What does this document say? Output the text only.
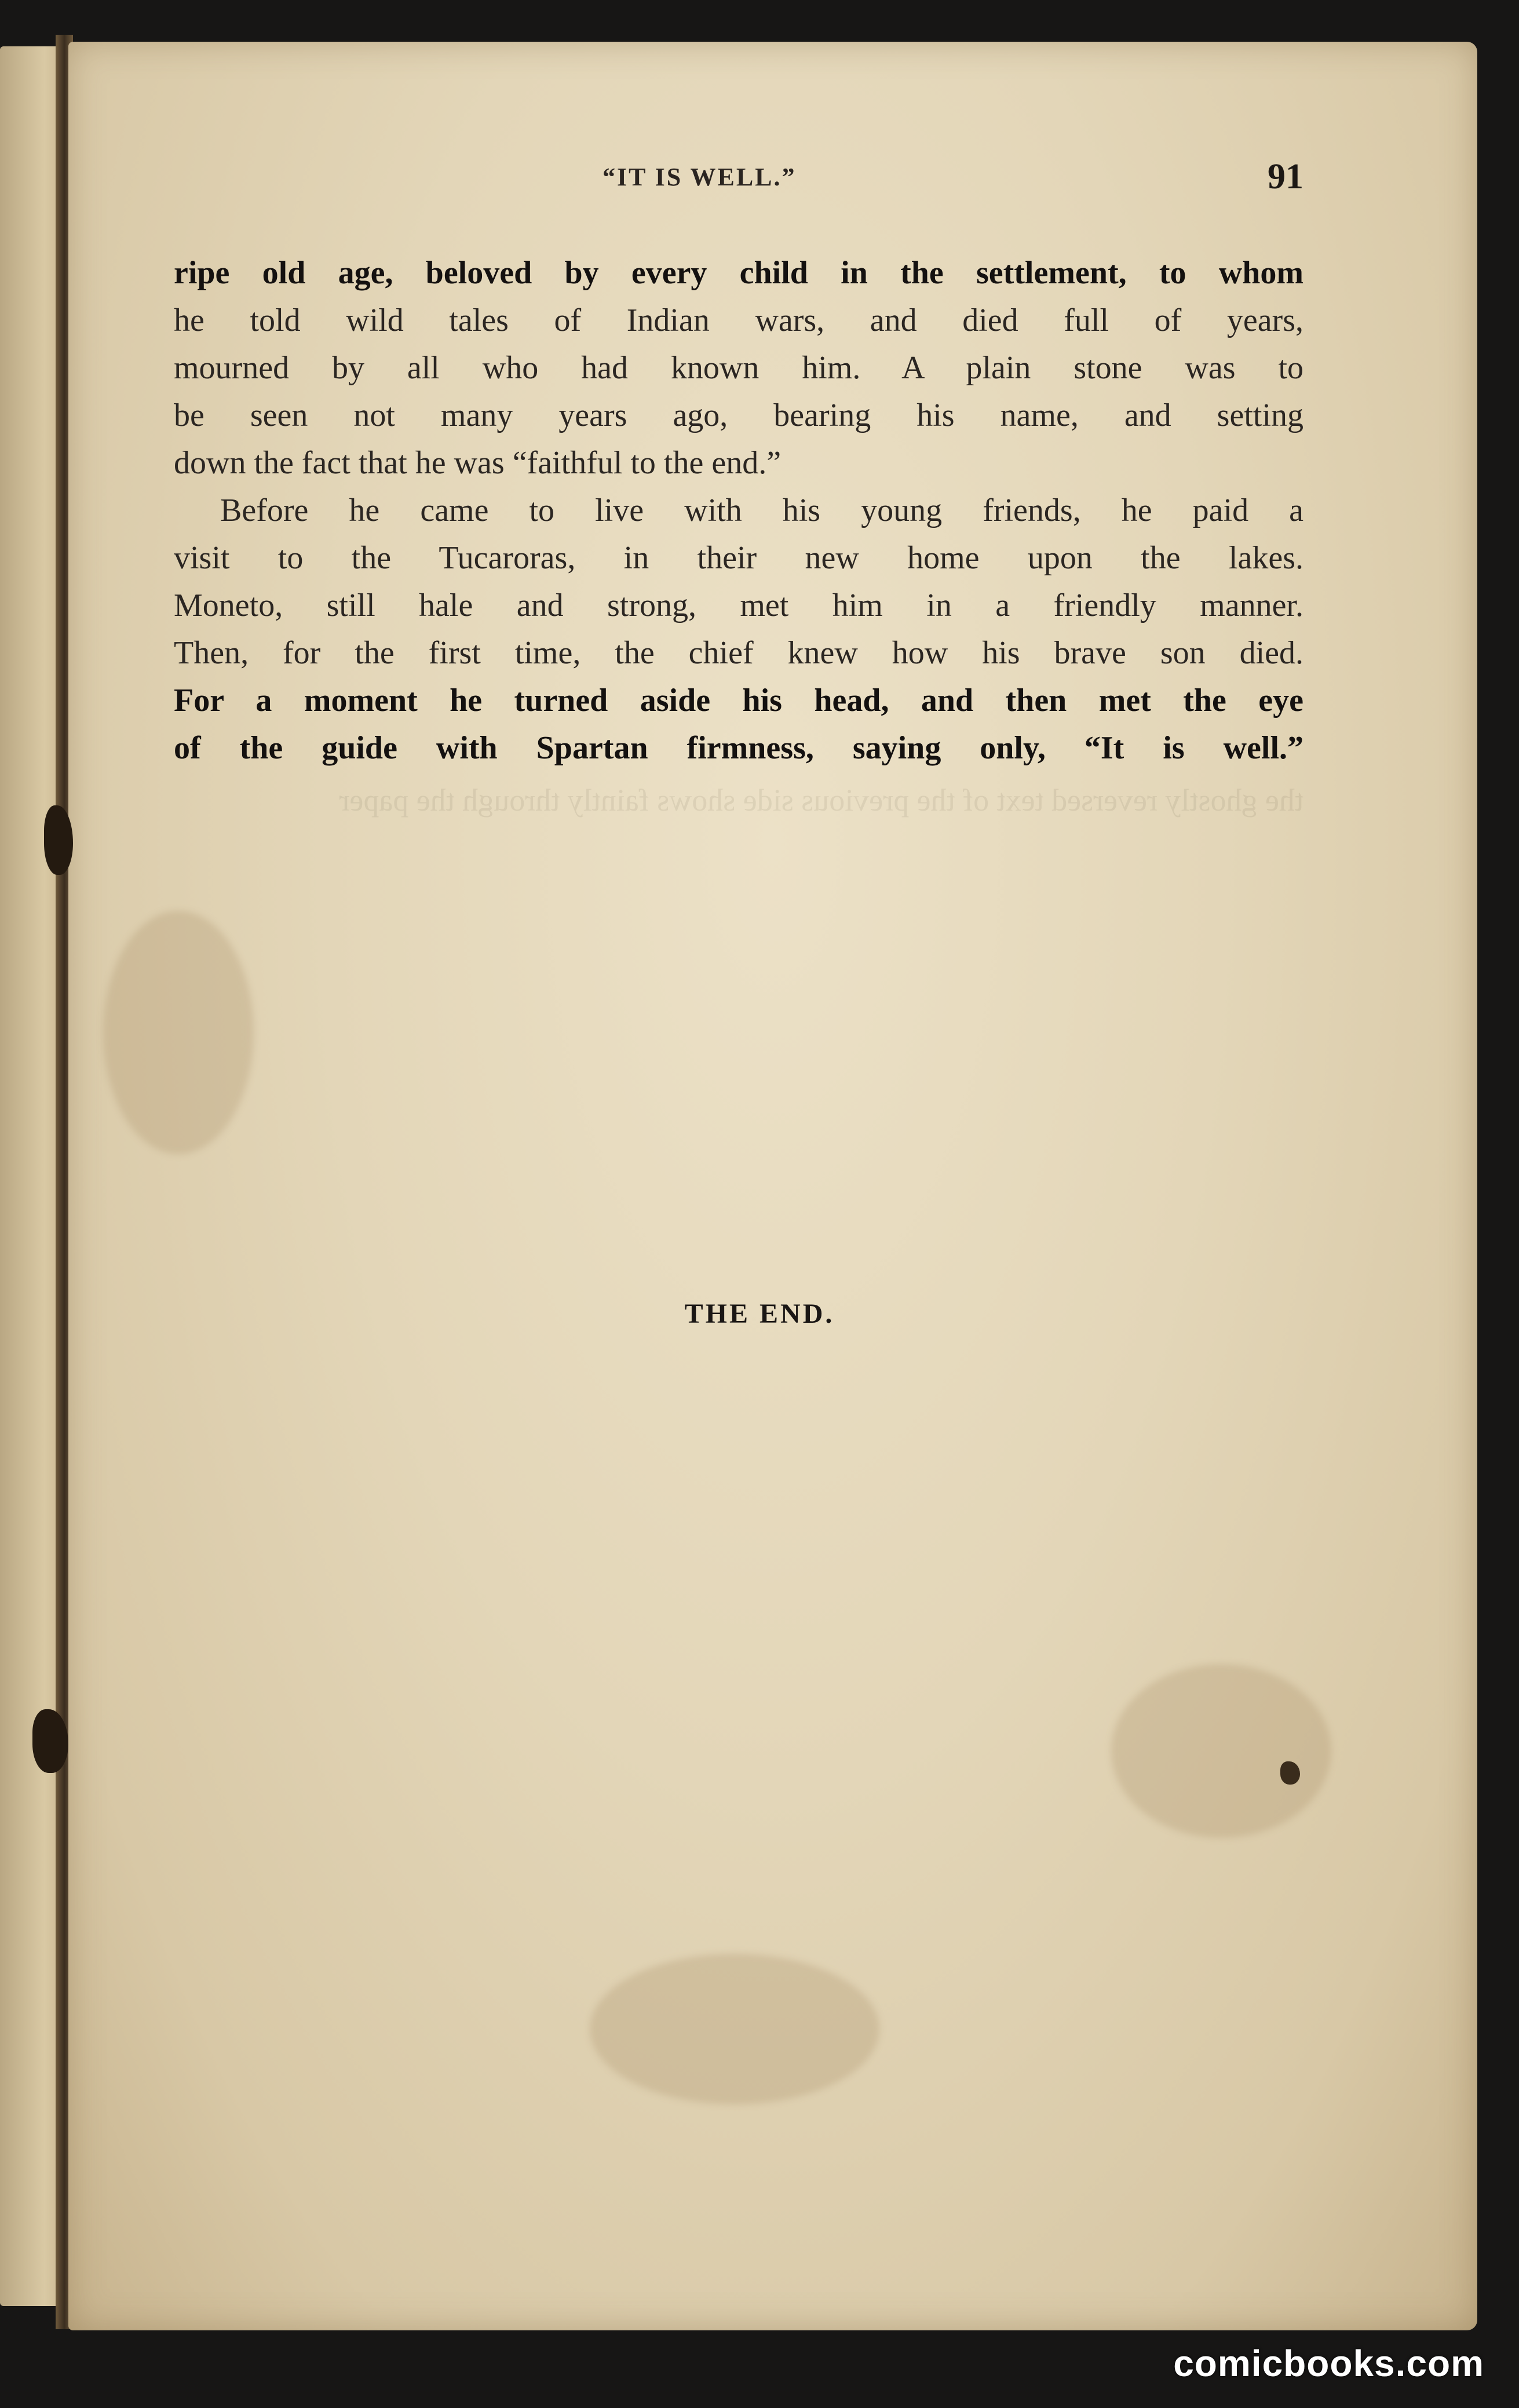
the ghostly reversed text of the previous side shows faintly through the paper
“IT IS WELL.”	91
ripe old age, beloved by every child in the settlement, to whom
he told wild tales of Indian wars, and died full of years,
mourned by all who had known him. A plain stone was to
be seen not many years ago, bearing his name, and setting
down the fact that he was “faithful to the end.”
Before he came to live with his young friends, he paid a
visit to the Tucaroras, in their new home upon the lakes.
Moneto, still hale and strong, met him in a friendly manner.
Then, for the first time, the chief knew how his brave son died.
For a moment he turned aside his head, and then met the eye
of the guide with Spartan firmness, saying only, “It is well.”
THE END.
comicbooks.com
